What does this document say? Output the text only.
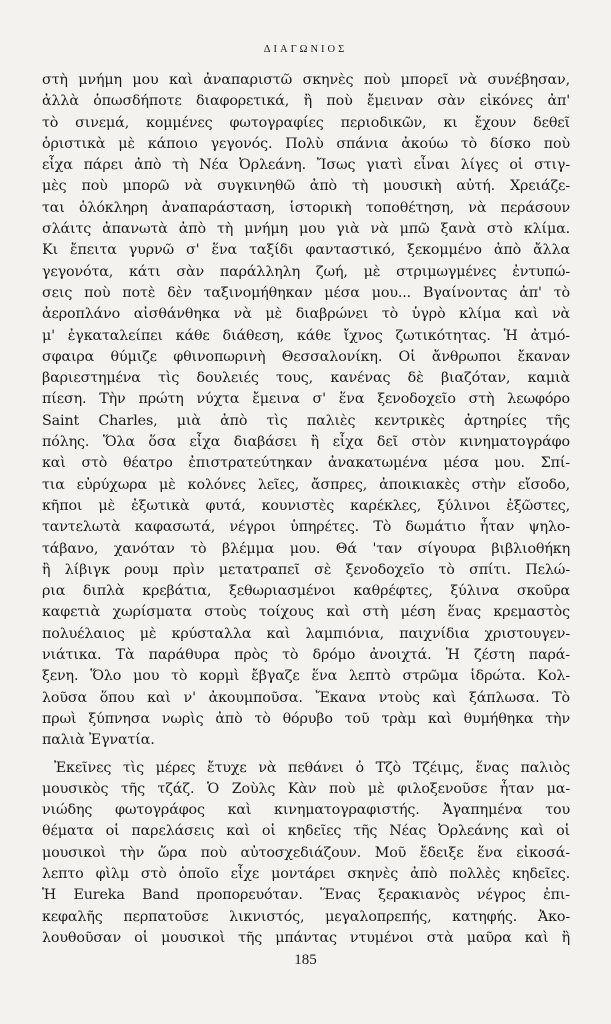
ΔΙΑΓΩΝΙΟΣ
στὴ μνήμη μου καὶ ἀναπαριστῶ σκηνὲς ποὺ μπορεῖ νὰ συνέβησαν,
ἀλλὰ ὁπωσδήποτε διαφορετικά, ἢ ποὺ ἔμειναν σὰν εἰκόνες ἀπ'
τὸ σινεμά, κομμένες φωτογραφίες περιοδικῶν, κι ἔχουν δεθεῖ
ὁριστικὰ μὲ κάποιο γεγονός. Πολὺ σπάνια ἀκούω τὸ δίσκο ποὺ
εἶχα πάρει ἀπὸ τὴ Νέα Ὀρλεάνη. Ἴσως γιατὶ εἶναι λίγες οἱ στιγ-
μὲς ποὺ μπορῶ νὰ συγκινηθῶ ἀπὸ τὴ μουσικὴ αὐτή. Χρειάζε-
ται ὁλόκληρη ἀναπαράσταση, ἱστορικὴ τοποθέτηση, νὰ περάσουν
σλάιτς ἀπανωτὰ ἀπὸ τὴ μνήμη μου γιὰ νὰ μπῶ ξανὰ στὸ κλίμα.
Κι ἔπειτα γυρνῶ σ' ἕνα ταξίδι φανταστικό, ξεκομμένο ἀπὸ ἄλλα
γεγονότα, κάτι σὰν παράλληλη ζωή, μὲ στριμωγμένες ἐντυπώ-
σεις ποὺ ποτὲ δὲν ταξινομήθηκαν μέσα μου... Βγαίνοντας ἀπ' τὸ
ἀεροπλάνο αἰσθάνθηκα νὰ μὲ διαβρώνει τὸ ὑγρὸ κλίμα καὶ νὰ
μ' ἐγκαταλείπει κάθε διάθεση, κάθε ἴχνος ζωτικότητας. Ἡ ἀτμό-
σφαιρα θύμιζε φθινοπωρινὴ Θεσσαλονίκη. Οἱ ἄνθρωποι ἔκαναν
βαριεστημένα τὶς δουλειές τους, κανένας δὲ βιαζόταν, καμιὰ
πίεση. Τὴν πρώτη νύχτα ἔμεινα σ' ἕνα ξενοδοχεῖο στὴ λεωφόρο
Saint Charles, μιὰ ἀπὸ τὶς παλιὲς κεντρικὲς ἀρτηρίες τῆς
πόλης. Ὅλα ὅσα εἶχα διαβάσει ἢ εἶχα δεῖ στὸν κινηματογράφο
καὶ στὸ θέατρο ἐπιστρατεύτηκαν ἀνακατωμένα μέσα μου. Σπί-
τια εὐρύχωρα μὲ κολόνες λεῖες, ἄσπρες, ἀποικιακὲς στὴν εἴσοδο,
κῆποι μὲ ἐξωτικὰ φυτά, κουνιστὲς καρέκλες, ξύλινοι ἐξῶστες,
ταντελωτὰ καφασωτά, νέγροι ὑπηρέτες. Τὸ δωμάτιο ἦταν ψηλο-
τάβανο, χανόταν τὸ βλέμμα μου. Θά 'ταν σίγουρα βιβλιοθήκη
ἢ λίβιγκ ρουμ πρὶν μετατραπεῖ σὲ ξενοδοχεῖο τὸ σπίτι. Πελώ-
ρια διπλὰ κρεβάτια, ξεθωριασμένοι καθρέφτες, ξύλινα σκοῦρα
καφετιὰ χωρίσματα στοὺς τοίχους καὶ στὴ μέση ἕνας κρεμαστὸς
πολυέλαιος μὲ κρύσταλλα καὶ λαμπιόνια, παιχνίδια χριστουγεν-
νιάτικα. Τὰ παράθυρα πρὸς τὸ δρόμο ἀνοιχτά. Ἡ ζέστη παρά-
ξενη. Ὅλο μου τὸ κορμὶ ἔβγαζε ἕνα λεπτὸ στρῶμα ἱδρώτα. Κολ-
λοῦσα ὅπου καὶ ν' ἀκουμποῦσα. Ἔκανα ντοὺς καὶ ξάπλωσα. Τὸ
πρωὶ ξύπνησα νωρὶς ἀπὸ τὸ θόρυβο τοῦ τρὰμ καὶ θυμήθηκα τὴν
παλιὰ Ἐγνατία.
Ἐκεῖνες τὶς μέρες ἔτυχε νὰ πεθάνει ὁ Τζὸ Τζέιμς, ἕνας παλιὸς
μουσικὸς τῆς τζάζ. Ὁ Ζοὺλς Κὰν ποὺ μὲ φιλοξενοῦσε ἦταν μα-
νιώδης φωτογράφος καὶ κινηματογραφιστής. Ἀγαπημένα του
θέματα οἱ παρελάσεις καὶ οἱ κηδεῖες τῆς Νέας Ὀρλεάνης καὶ οἱ
μουσικοὶ τὴν ὥρα ποὺ αὐτοσχεδιάζουν. Μοῦ ἔδειξε ἕνα εἰκοσά-
λεπτο φὶλμ στὸ ὁποῖο εἶχε μοντάρει σκηνὲς ἀπὸ πολλὲς κηδεῖες.
Ἡ Eureka Band προπορευόταν. Ἕνας ξερακιανὸς νέγρος ἐπι-
κεφαλῆς περπατοῦσε λικνιστός, μεγαλοπρεπής, κατηφής. Ἀκο-
λουθοῦσαν οἱ μουσικοὶ τῆς μπάντας ντυμένοι στὰ μαῦρα καὶ ἢ
185
